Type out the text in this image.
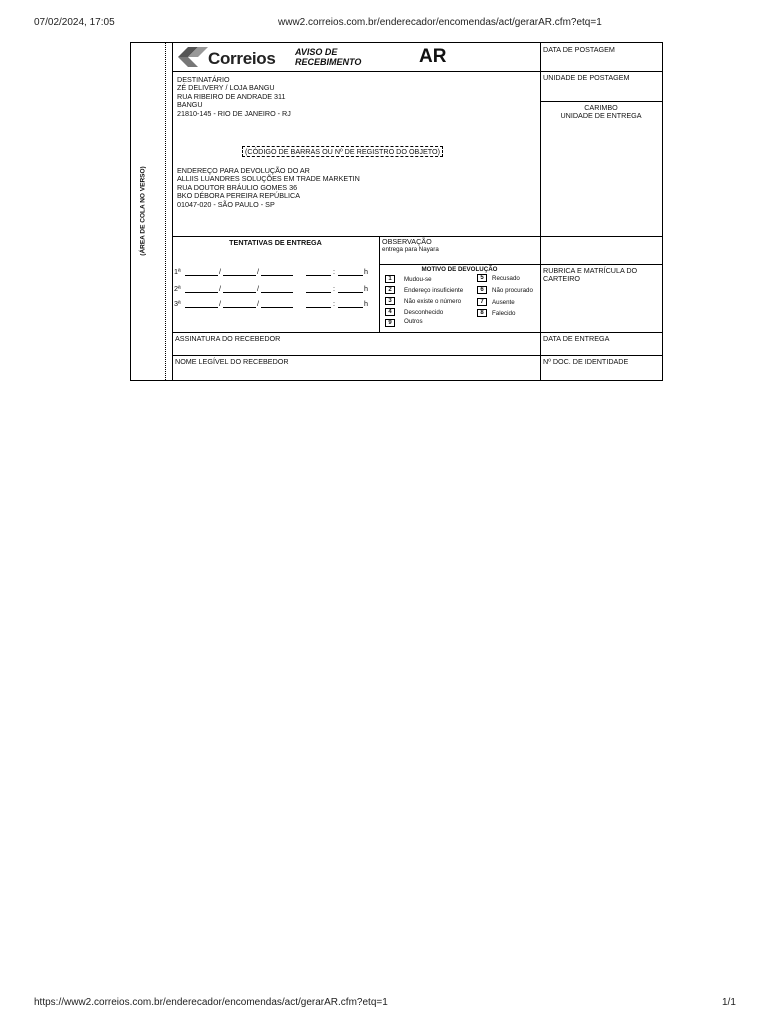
07/02/2024, 17:05	www2.correios.com.br/enderecador/encomendas/act/gerarAR.cfm?etq=1
(ÁREA DE COLA NO VERSO)
Correios AVISO DE
RECEBIMENTO	AR	DATA DE POSTAGEM
UNIDADE DE POSTAGEM
CARIMBO
UNIDADE DE ENTREGA
DESTINATÁRIO
ZÉ DELIVERY / LOJA BANGU
RUA RIBEIRO DE ANDRADE 311
BANGU
21810-145 - RIO DE JANEIRO - RJ
(CÓDIGO DE BARRAS OU Nº DE REGISTRO DO OBJETO)
ENDEREÇO PARA DEVOLUÇÃO DO AR
ALLIIS LUANDRES SOLUÇÕES EM TRADE MARKETIN
RUA DOUTOR BRÁULIO GOMES 36
BKO DÉBORA PEREIRA REPÚBLICA
01047-020 - SÃO PAULO - SP
TENTATIVAS DE ENTREGA
1ª	/	/	:	h
2ª	/	/	:	h
3ª	/	/	:	h
OBSERVAÇÃO
entrega para Nayara
MOTIVO DE DEVOLUÇÃO
1	Mudou-se
2	Endereço insuficiente
3	Não existe o número
4	Desconhecido
9	Outros
5	Recusado
6	Não procurado
7	Ausente
8	Falecido
RUBRICA E MATRÍCULA DO
CARTEIRO
ASSINATURA DO RECEBEDOR	DATA DE ENTREGA
NOME LEGÍVEL DO RECEBEDOR	Nº DOC. DE IDENTIDADE
https://www2.correios.com.br/enderecador/encomendas/act/gerarAR.cfm?etq=1	1/1
